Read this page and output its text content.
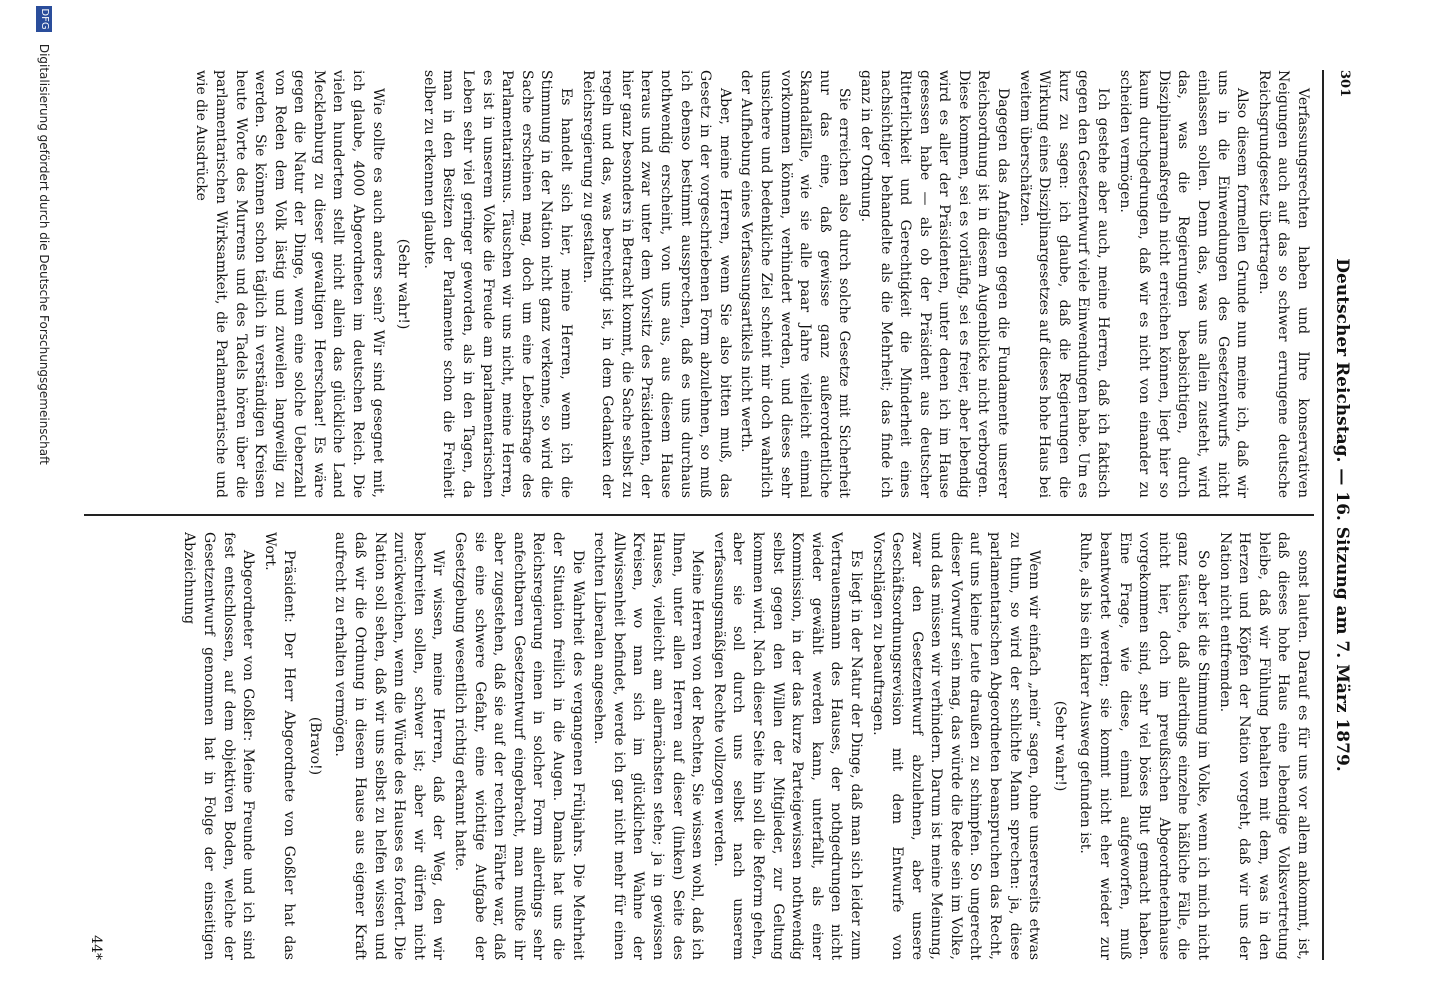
301
Deutscher Reichstag. — 16. Sitzung am 7. März 1879.

Verfassungsrechten haben und Ihre konservativen Neigungen auch auf das so schwer errungene deutsche Reichsgrundgesetz übertragen.

Also diesem formellen Grunde nun meine ich, daß wir uns in die Einwendungen des Gesetzentwurfs nicht einlassen sollen. Denn das, was uns allein zusteht, wird das, was die Regierungen beabsichtigen, durch Disziplinarmaßregeln nicht erreichen können, liegt hier so kaum durchgedrungen, daß wir es nicht von einander zu scheiden vermögen.

Ich gestehe aber auch, meine Herren, daß ich faktisch gegen den Gesetzentwurf viele Einwendungen habe. Um es kurz zu sagen: ich glaube, daß die Regierungen die Wirkung eines Disziplinargesetzes auf dieses hohe Haus bei weitem überschätzen.

Dagegen das Anfangen gegen die Fundamente unserer Reichsordnung ist in diesem Augenblicke nicht verborgen. Diese kommen, sei es vorläufig, sei es freier, aber lebendig wird es aller der Präsidenten, unter denen ich im Hause gesessen habe — als ob der Präsident aus deutscher Ritterlichkeit und Gerechtigkeit die Minderheit eines nachsichtiger behandelte als die Mehrheit; das finde ich ganz in der Ordnung.

Sie erreichen also durch solche Gesetze mit Sicherheit nur das eine, daß gewisse ganz außerordentliche Skandalfälle, wie sie alle paar Jahre vielleicht einmal vorkommen können, verhindert werden, und dieses sehr unsichere und bedenkliche Ziel scheint mir doch wahrlich der Aufhebung eines Verfassungsartikels nicht werth.

Aber, meine Herren, wenn Sie also bitten muß, das Gesetz in der vorgeschriebenen Form abzulehnen, so muß ich ebenso bestimmt aussprechen, daß es uns durchaus nothwendig erscheint, von uns aus, aus diesem Hause heraus und zwar unter dem Vorsitz des Präsidenten, der hier ganz besonders in Betracht kommt, die Sache selbst zu regeln und das, was berechtigt ist, in dem Gedanken der Reichsregierung zu gestalten.

Es handelt sich hier, meine Herren, wenn ich die Stimmung in der Nation nicht ganz verkenne, so wird die Sache erscheinen mag, doch um eine Lebensfrage des Parlamentarismus. Täuschen wir uns nicht, meine Herren, es ist in unserem Volke die Freude am parlamentarischen Leben sehr viel geringer geworden, als in den Tagen, da man in den Besitzen der Parlamente schon die Freiheit selber zu erkennen glaubte.

(Sehr wahr!)

Wie sollte es auch anders sein? Wir sind gesegnet mit, ich glaube, 4000 Abgeordneten im deutschen Reich. Die vielen hundertem stellt nicht allein das glückliche Land Mecklenburg zu dieser gewaltigen Heerschaar! Es wäre gegen die Natur der Dinge, wenn eine solche Ueberzahl von Reden dem Volk lästig und zuweilen langweilig zu werden. Sie können schon täglich in verständigen Kreisen heute Worte des Murrens und des Tadels hören über die parlamentarischen Wirksamkeit, die Parlamentarische und wie die Ausdrücke

sonst lauten. Darauf es für uns vor allem ankommt, ist, daß dieses hohe Haus eine lebendige Volksvertretung bleibe, daß wir Fühlung behalten mit dem, was in den Herzen und Köpfen der Nation vorgeht, daß wir uns der Nation nicht entfremden.

So aber ist die Stimmung im Volke, wenn ich mich nicht ganz täusche, daß allerdings einzelne häßliche Fälle, die nicht hier, doch im preußischen Abgeordnetenhause vorgekommen sind, sehr viel böses Blut gemacht haben. Eine Frage, wie diese, einmal aufgeworfen, muß beantwortet werden; sie kommt nicht eher wieder zur Ruhe, als bis ein klarer Ausweg gefunden ist.

(Sehr wahr!)

Wenn wir einfach „nein“ sagen, ohne unsererseits etwas zu thun, so wird der schlichte Mann sprechen: ja, diese parlamentarischen Abgeordneten beanspruchen das Recht, auf uns kleine Leute draußen zu schimpfen. So ungerecht dieser Vorwurf sein mag, das würde die Rede sein im Volke, und das müssen wir verhindern. Darum ist meine Meinung, zwar den Gesetzentwurf abzulehnen, aber unsere Geschäftsordnungsrevision mit dem Entwurfe von Vorschlägen zu beauftragen.

Es liegt in der Natur der Dinge, daß man sich leider zum Vertrauensmann des Hauses, der nothgedrungen nicht wieder gewählt werden kann, unterfallt, als einer Kommission, in der das kurze Parteigewissen nothwendig selbst gegen den Willen der Mitglieder, zur Geltung kommen wird. Nach dieser Seite hin soll die Reform gehen, aber sie soll durch uns selbst nach unserem verfassungsmäßigen Rechte vollzogen werden.

Meine Herren von der Rechten, Sie wissen wohl, daß ich Ihnen, unter allen Herren auf dieser (linken) Seite des Hauses, vielleicht am allernächsten stehe; ja in gewissen Kreisen, wo man sich im glücklichen Wahne der Allwissenheit befindet, werde ich gar nicht mehr für einen rechten Liberalen angesehen.

Die Wahrheit des vergangenen Frühjahrs. Die Mehrheit der Situation freilich in die Augen. Damals hat uns die Reichsregierung einen in solcher Form allerdings sehr anfechtbaren Gesetzentwurf eingebracht, man mußte ihr aber zugestehen, daß sie auf der rechten Fährte war, daß sie eine schwere Gefahr, eine wichtige Aufgabe der Gesetzgebung wesentlich richtig erkannt hatte.

Wir wissen, meine Herren, daß der Weg, den wir beschreiten sollen, schwer ist; aber wir dürfen nicht zurückweichen, wenn die Würde des Hauses es fordert. Die Nation soll sehen, daß wir uns selbst zu helfen wissen und daß wir die Ordnung in diesem Hause aus eigener Kraft aufrecht zu erhalten vermögen.

(Bravo!)

Präsident: Der Herr Abgeordnete von Goßler hat das Wort.

Abgeordneter von Goßler: Meine Freunde und ich sind fest entschlossen, auf dem objektiven Boden, welche der Gesetzentwurf genommen hat in Folge der einseitigen Abzeichnung

44*
DFG Digitalisierung gefördert durch die Deutsche Forschungsgemeinschaft
